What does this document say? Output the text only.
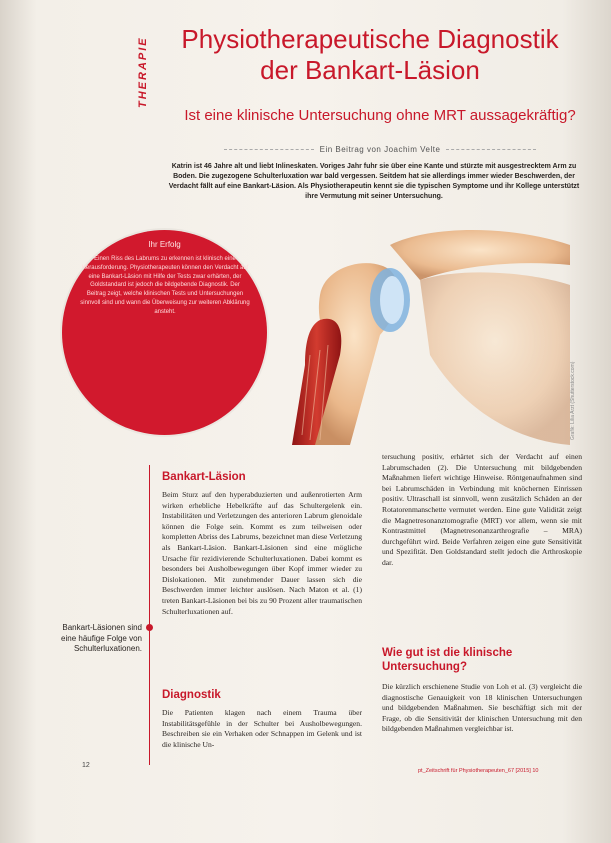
THERAPIE	Physiotherapeutische Diagnostik
der Bankart-Läsion
Ist eine klinische Untersuchung ohne MRT aussagekräftig?
Ein Beitrag von Joachim Velte
Katrin ist 46 Jahre alt und liebt Inlineskaten. Voriges Jahr fuhr sie über eine Kante und stürzte mit ausgestrecktem Arm zu Boden. Die zugezogene Schulterluxation war bald vergessen. Seitdem hat sie allerdings immer wieder Beschwerden, der Verdacht fällt auf eine Bankart-Läsion. Als Physiotherapeutin kennt sie die typischen Symptome und ihr Kollege unterstützt ihre Vermutung mit seiner Untersuchung.
Grafik: Lilia Arzt (Shutterstock.com)
Ihr Erfolg
Einen Riss des Labrums zu erkennen ist klinisch eine Herausforderung. Physiotherapeuten können den Verdacht auf eine Bankart-Läsion mit Hilfe der Tests zwar erhärten, der Goldstandard ist jedoch die bildgebende Diagnostik. Der Beitrag zeigt, welche klinischen Tests und Untersuchungen sinnvoll sind und wann die Überweisung zur weiteren Abklärung ansteht.
Bankart-Läsionen sind eine häufige Folge von Schulterluxationen.
Bankart-Läsion
Beim Sturz auf den hyperabduzierten und außenrotierten Arm wirken erhebliche Hebelkräfte auf das Schultergelenk ein. Instabilitäten und Verletzungen des anterioren Labrum glenoidale können die Folge sein. Kommt es zum teilweisen oder kompletten Abriss des Labrums, bezeichnet man diese Verletzung als Bankart-Läsion. Bankart-Läsionen sind eine mögliche Ursache für rezidivierende Schulterluxationen. Dabei kommt es besonders bei Ausholbewegungen über Kopf immer wieder zu Dislokationen. Mit zunehmender Dauer lassen sich die Beschwerden immer leichter auslösen. Nach Maton et al. (1) treten Bankart-Läsionen bei bis zu 90 Prozent aller traumatischen Schulterluxationen auf.
Diagnostik
Die Patienten klagen nach einem Trauma über Instabilitätsgefühle in der Schulter bei Ausholbewegungen. Beschreiben sie ein Verhaken oder Schnappen im Gelenk und ist die klinische Un-
tersuchung positiv, erhärtet sich der Verdacht auf einen Labrumschaden (2). Die Untersuchung mit bildgebenden Maßnahmen liefert wichtige Hinweise. Röntgenaufnahmen sind bei Labrumschäden in Verbindung mit knöchernen Einrissen positiv. Ultraschall ist sinnvoll, wenn zusätzlich Schäden an der Rotatorenmanschette vermutet werden. Eine gute Validität zeigt die Magnetresonanztomografie (MRT) vor allem, wenn sie mit Kontrastmittel (Magnetresonanzarthrografie – MRA) durchgeführt wird. Beide Verfahren zeigen eine gute Sensitivität und Spezifität. Den Goldstandard stellt jedoch die Arthroskopie dar.
Wie gut ist die klinische Untersuchung?
Die kürzlich erschienene Studie von Loh et al. (3) vergleicht die diagnostische Genauigkeit von 18 klinischen Untersuchungen und bildgebenden Maßnahmen. Sie beschäftigt sich mit der Frage, ob die Sensitivität der klinischen Untersuchung mit den bildgebenden Maßnahmen vergleichbar ist.
12
pt_Zeitschrift für Physiotherapeuten_67 [2015] 10
